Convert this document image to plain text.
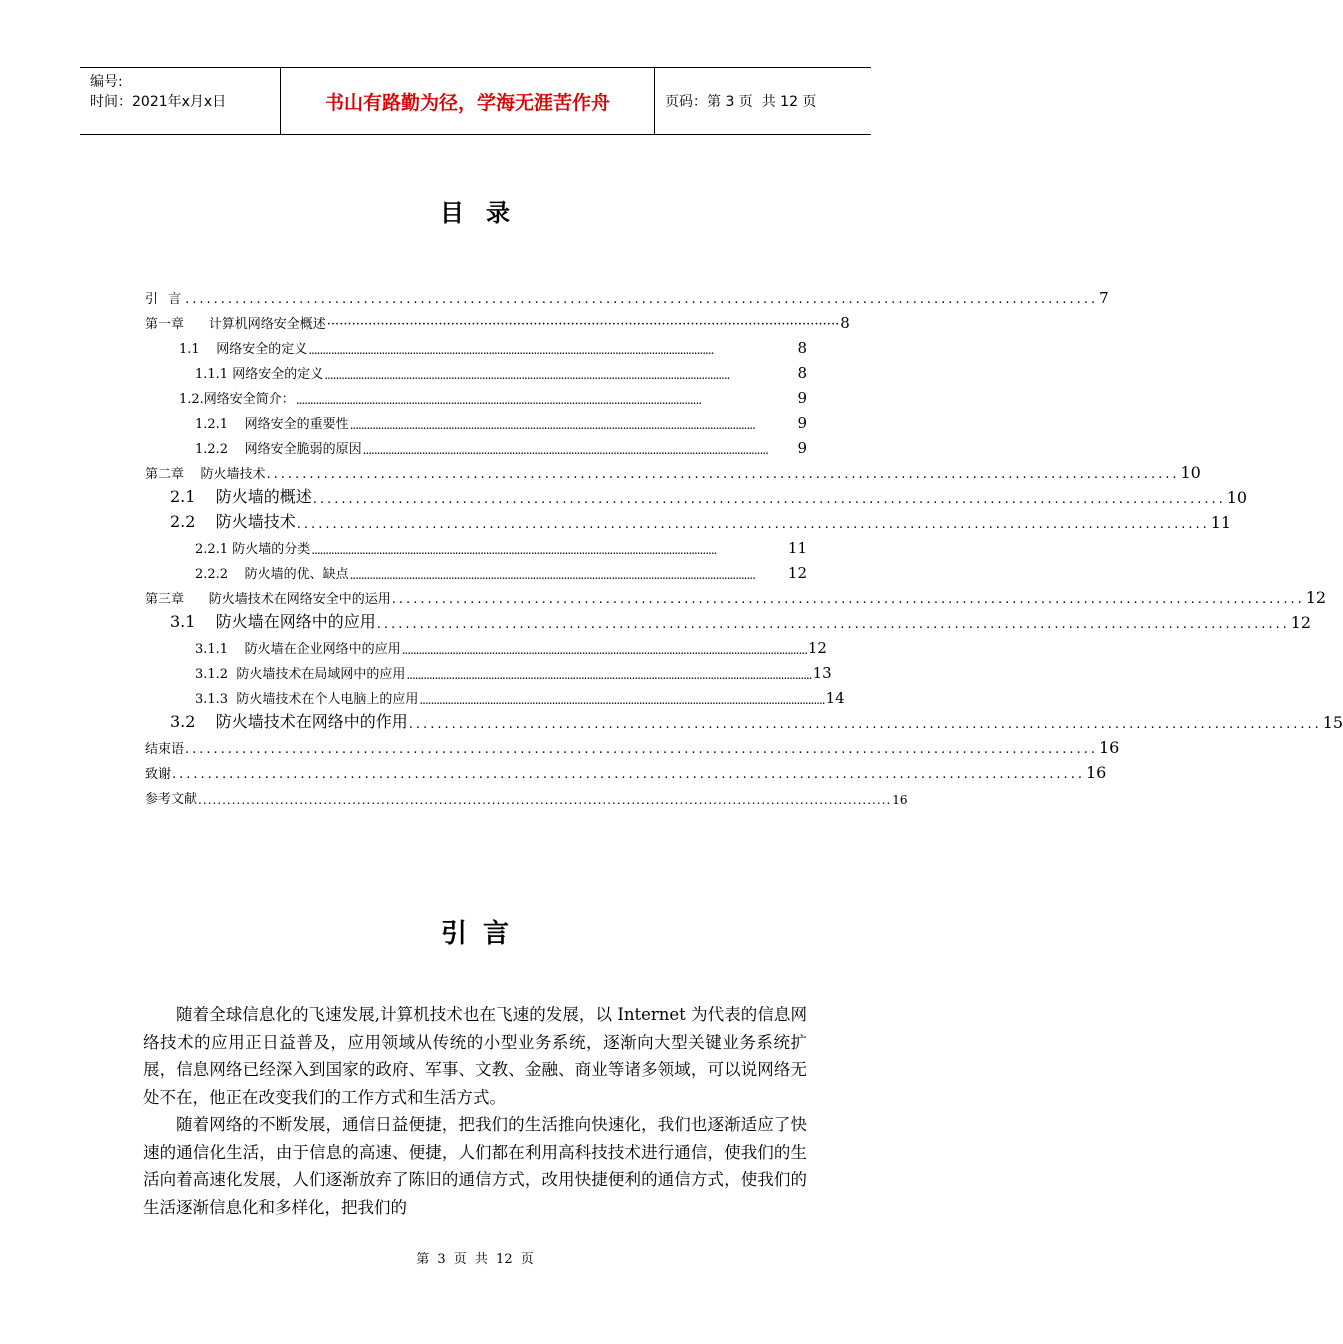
编号:
时间：2021年x月x日	书山有路勤为径，学海无涯苦作舟	页码：第 3 页  共 12 页
目录
引 言 ................................................................................................................................ 7
第一章      计算机网络安全概述 ···························································································································· 8
1.1    网络安全的定义 ................................................................................................................................................	8
1.1.1 网络安全的定义 ................................................................................................................................................	8
1.2.网络安全简介： ................................................................................................................................................	9
1.2.1    网络安全的重要性 ................................................................................................................................................	9
1.2.2    网络安全脆弱的原因 ................................................................................................................................................	9
第二章    防火墙技术 ................................................................................................................................ 10
2.1    防火墙的概述 ................................................................................................................................ 10
2.2    防火墙技术 ................................................................................................................................ 11
2.2.1 防火墙的分类 ................................................................................................................................................	11
2.2.2    防火墙的优、缺点 ................................................................................................................................................	12
第三章      防火墙技术在网络安全中的运用 ................................................................................................................................ 12
3.1    防火墙在网络中的应用 ................................................................................................................................ 12
3.1.1    防火墙在企业网络中的应用 ................................................................................................................................................ 12
3.1.2  防火墙技术在局域网中的应用 ................................................................................................................................................ 13
3.1.3  防火墙技术在个人电脑上的应用 ................................................................................................................................................ 14
3.2    防火墙技术在网络中的作用 ................................................................................................................................ 15
结束语 ................................................................................................................................ 16
致谢 ................................................................................................................................ 16
参考文献 ................................................................................................................................................ 16
引言

随着全球信息化的飞速发展,计算机技术也在飞速的发展，以 Internet 为代表的信息网络技术的应用正日益普及，应用领域从传统的小型业务系统，逐渐向大型关键业务系统扩展，信息网络已经深入到国家的政府、军事、文教、金融、商业等诸多领域，可以说网络无处不在，他正在改变我们的工作方式和生活方式。

随着网络的不断发展，通信日益便捷，把我们的生活推向快速化，我们也逐渐适应了快速的通信化生活，由于信息的高速、便捷，人们都在利用高科技技术进行通信，使我们的生活向着高速化发展，人们逐渐放弃了陈旧的通信方式，改用快捷便利的通信方式，使我们的生活逐渐信息化和多样化，把我们的

第 3 页 共 12 页
